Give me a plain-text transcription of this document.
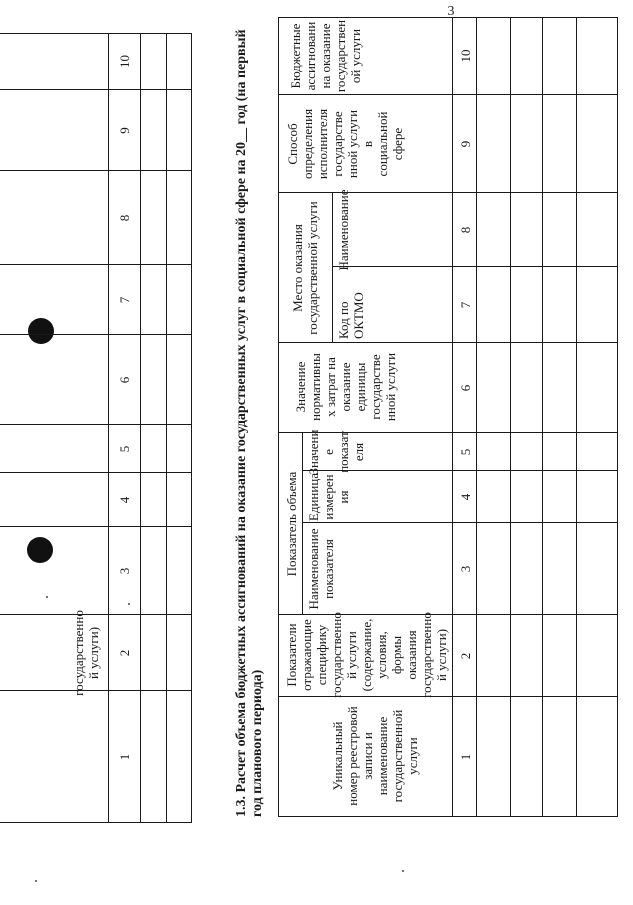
3
государственно
й услуги)
1
2
3
4
5
6
7
8
9
10
1.3. Расчет объема бюджетных ассигнований на оказание государственных услуг в социальной сфере на 20__ год (на первый
год планового периода)
Уникальный
номер реестровой
записи и
наименование
государственной
услуги
Показатели
отражающие
специфику
государственно
й услуги
(содержание,
условия, формы
оказания
государственно
й услуги)
Показатель объема Наименование
показателя
Единица
измерен
ия
Значени
е
показат
еля
Значение
нормативны
х затрат на
оказание
единицы
государстве
нной услуги
Место оказания
государственной услуги
Код по
ОКТМО
Наименование
Способ
определения
исполнителя
государстве
нной услуги
в
социальной
сфере
Бюджетные
ассигновани
на оказание
государствен
ой услуги
1
2
3
4
5
6
7
8
9
10
